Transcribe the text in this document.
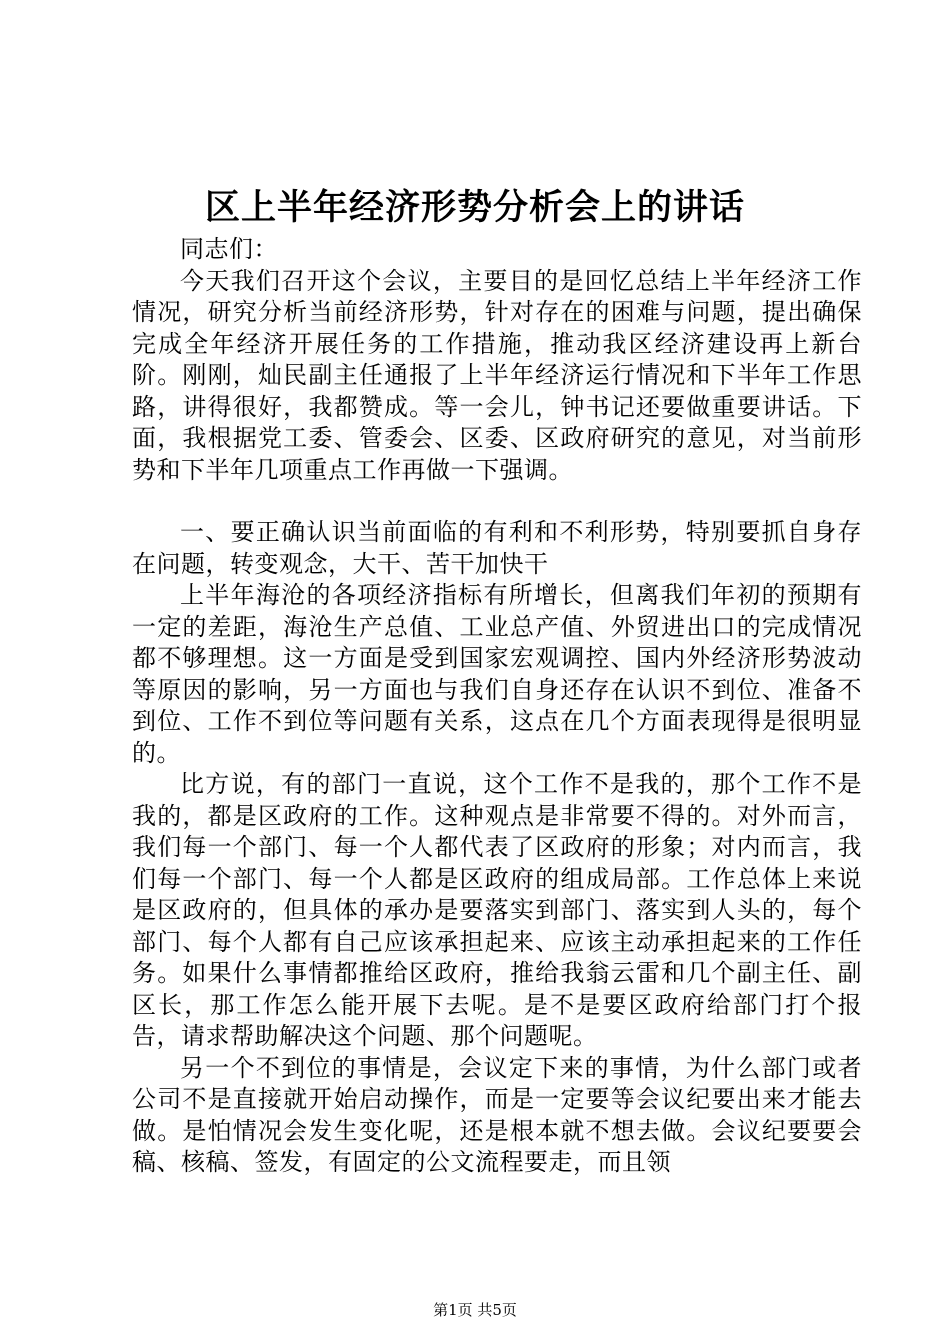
区上半年经济形势分析会上的讲话

同志们：

今天我们召开这个会议，主要目的是回忆总结上半年经济工作情况，研究分析当前经济形势，针对存在的困难与问题，提出确保完成全年经济开展任务的工作措施，推动我区经济建设再上新台阶。刚刚，灿民副主任通报了上半年经济运行情况和下半年工作思路，讲得很好，我都赞成。等一会儿，钟书记还要做重要讲话。下面，我根据党工委、管委会、区委、区政府研究的意见，对当前形势和下半年几项重点工作再做一下强调。

一、要正确认识当前面临的有利和不利形势，特别要抓自身存在问题，转变观念，大干、苦干加快干

上半年海沧的各项经济指标有所增长，但离我们年初的预期有一定的差距，海沧生产总值、工业总产值、外贸进出口的完成情况都不够理想。这一方面是受到国家宏观调控、国内外经济形势波动等原因的影响，另一方面也与我们自身还存在认识不到位、准备不到位、工作不到位等问题有关系，这点在几个方面表现得是很明显的。

比方说，有的部门一直说，这个工作不是我的，那个工作不是我的，都是区政府的工作。这种观点是非常要不得的。对外而言，我们每一个部门、每一个人都代表了区政府的形象；对内而言，我们每一个部门、每一个人都是区政府的组成局部。工作总体上来说是区政府的，但具体的承办是要落实到部门、落实到人头的，每个部门、每个人都有自己应该承担起来、应该主动承担起来的工作任务。如果什么事情都推给区政府，推给我翁云雷和几个副主任、副区长，那工作怎么能开展下去呢。是不是要区政府给部门打个报告，请求帮助解决这个问题、那个问题呢。

另一个不到位的事情是，会议定下来的事情，为什么部门或者公司不是直接就开始启动操作，而是一定要等会议纪要出来才能去做。是怕情况会发生变化呢，还是根本就不想去做。会议纪要要会稿、核稿、签发，有固定的公文流程要走，而且领

第1页 共5页
